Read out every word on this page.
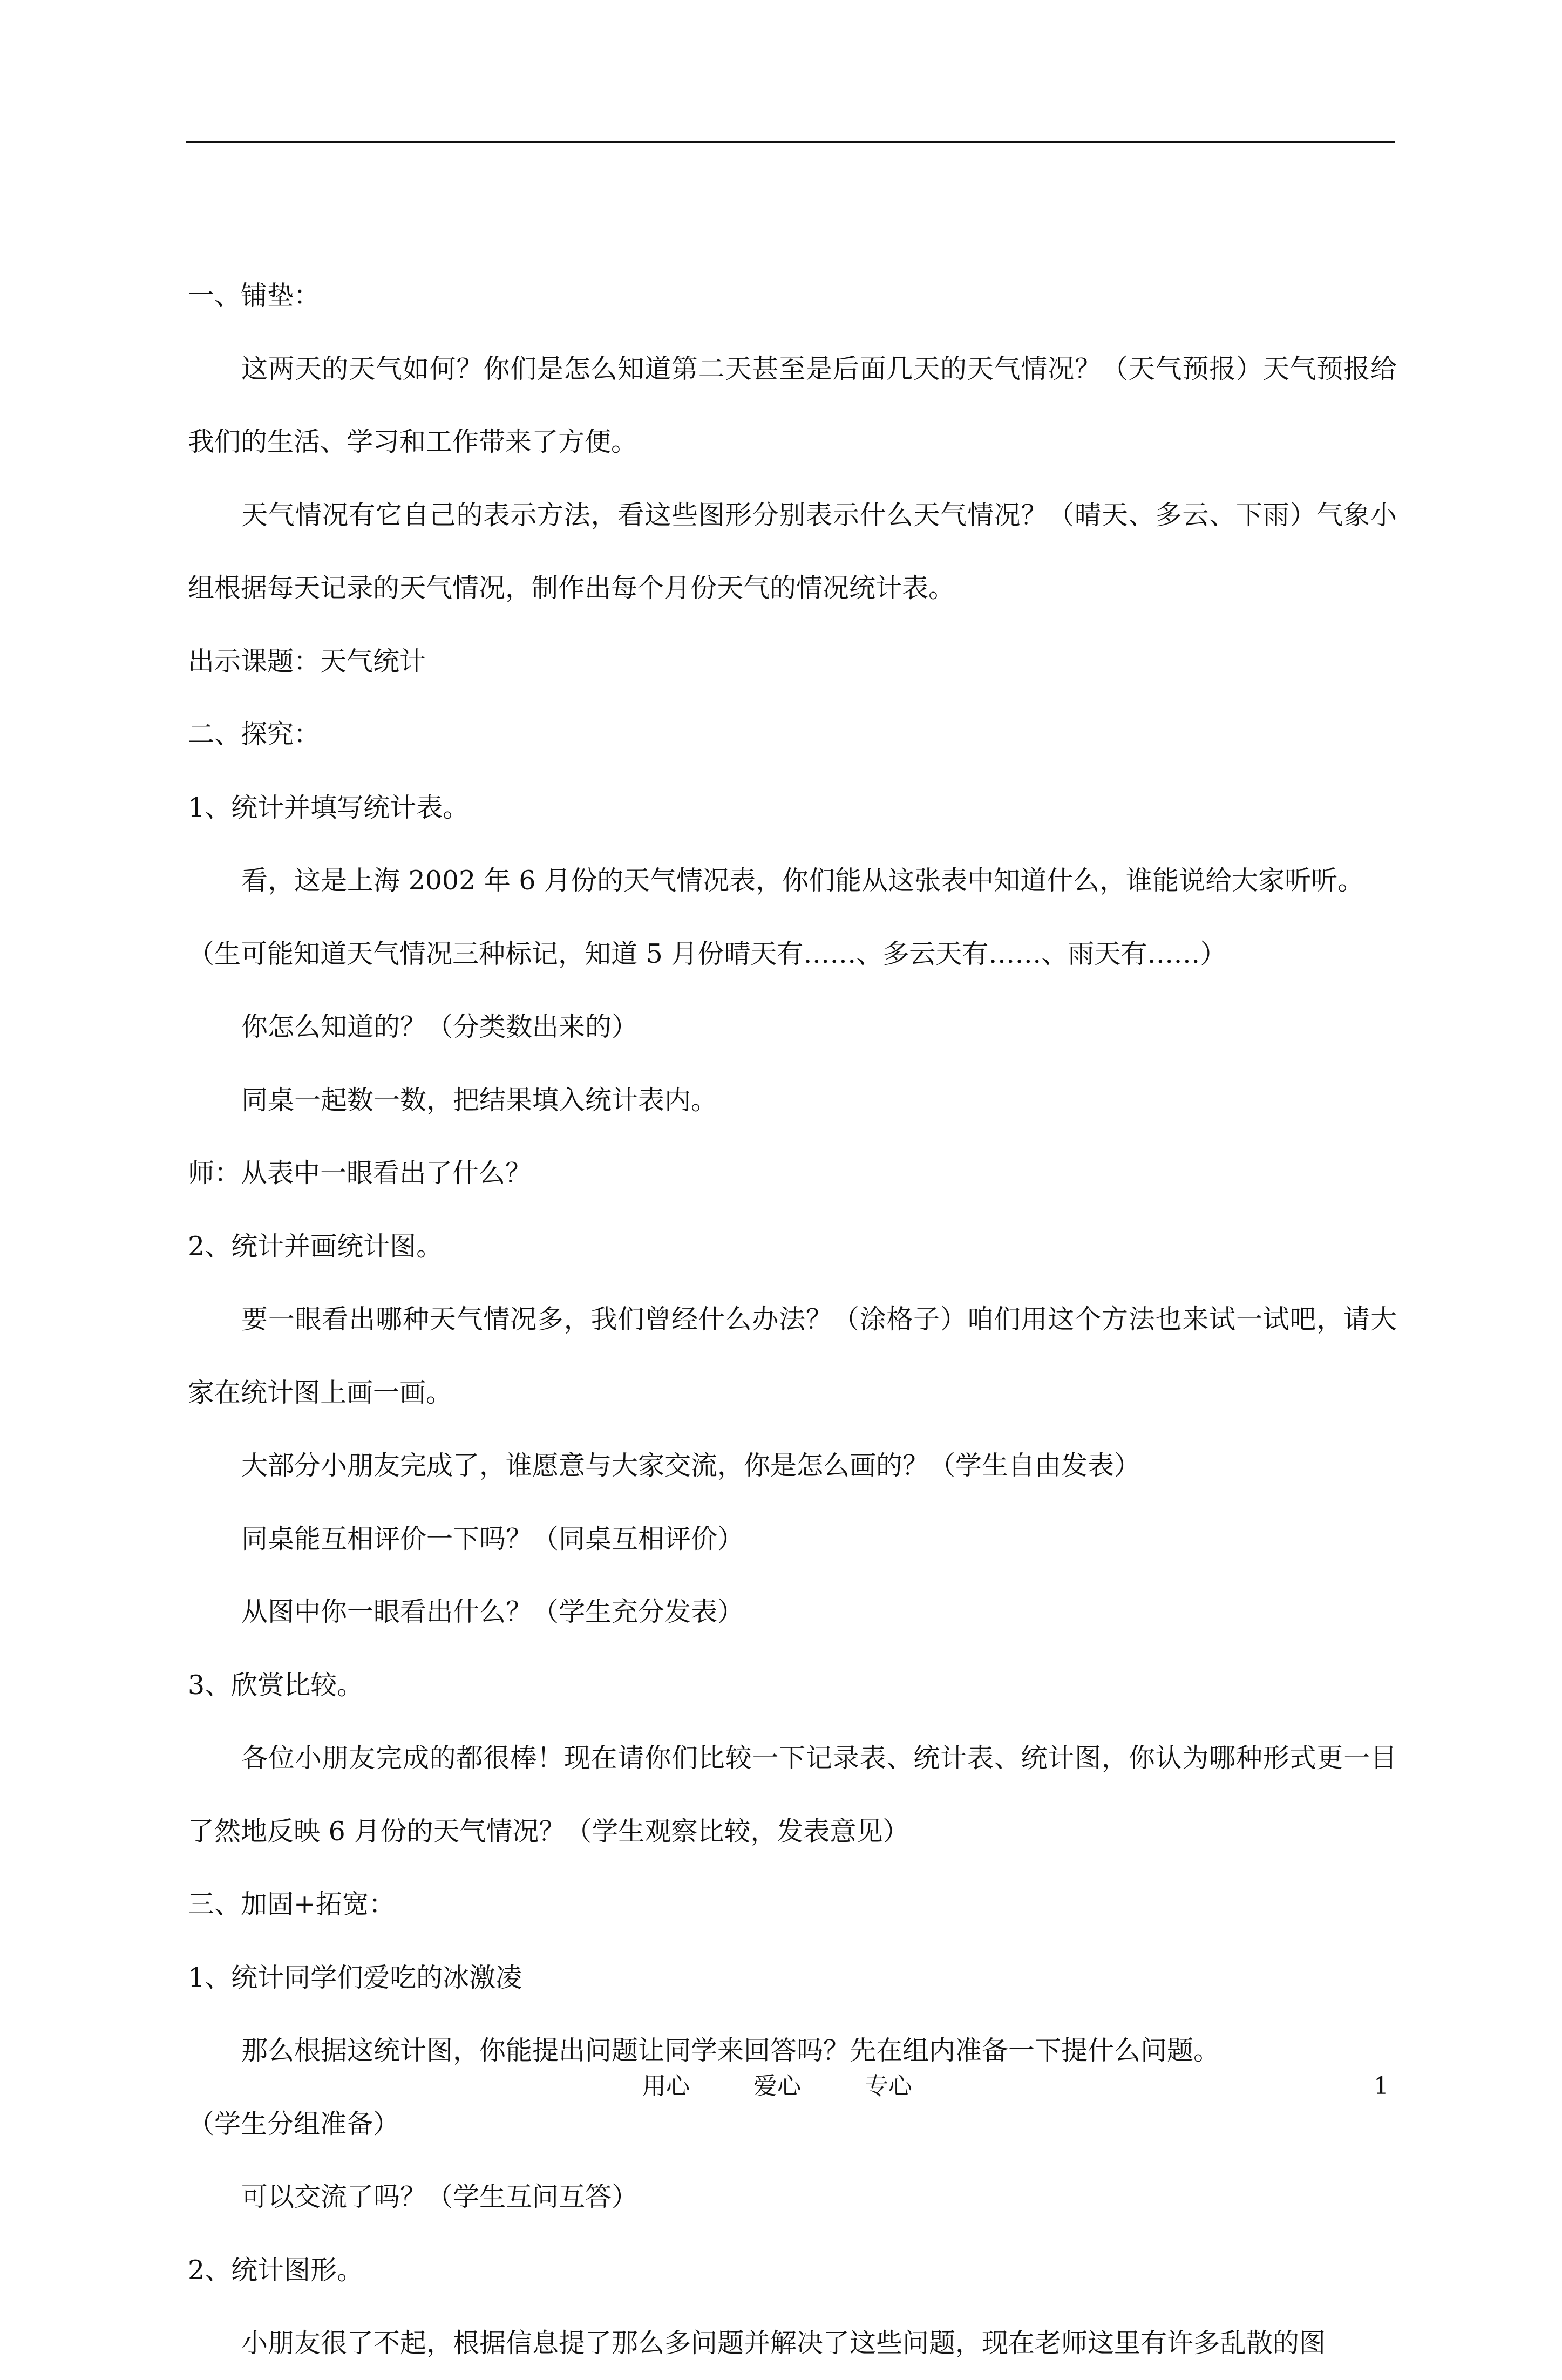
一、铺垫：

这两天的天气如何？你们是怎么知道第二天甚至是后面几天的天气情况？（天气预报）天气预报给我们的生活、学习和工作带来了方便。

天气情况有它自己的表示方法，看这些图形分别表示什么天气情况？（晴天、多云、下雨）气象小组根据每天记录的天气情况，制作出每个月份天气的情况统计表。

出示课题：天气统计

二、探究：

1、统计并填写统计表。

看，这是上海 2002 年 6 月份的天气情况表，你们能从这张表中知道什么，谁能说给大家听听。

（生可能知道天气情况三种标记，知道 5 月份晴天有……、多云天有……、雨天有……）

你怎么知道的？（分类数出来的）

同桌一起数一数，把结果填入统计表内。

师：从表中一眼看出了什么？

2、统计并画统计图。

要一眼看出哪种天气情况多，我们曾经什么办法？（涂格子）咱们用这个方法也来试一试吧，请大家在统计图上画一画。

大部分小朋友完成了，谁愿意与大家交流，你是怎么画的？（学生自由发表）

同桌能互相评价一下吗？（同桌互相评价）

从图中你一眼看出什么？（学生充分发表）

3、欣赏比较。

各位小朋友完成的都很棒！现在请你们比较一下记录表、统计表、统计图，你认为哪种形式更一目了然地反映 6 月份的天气情况？（学生观察比较，发表意见）

三、加固+拓宽：

1、统计同学们爱吃的冰激凌

那么根据这统计图，你能提出问题让同学来回答吗？先在组内准备一下提什么问题。

（学生分组准备）

可以交流了吗？（学生互问互答）

2、统计图形。

小朋友很了不起，根据信息提了那么多问题并解决了这些问题，现在老师这里有许多乱散的图

用心	爱心	专心	1
